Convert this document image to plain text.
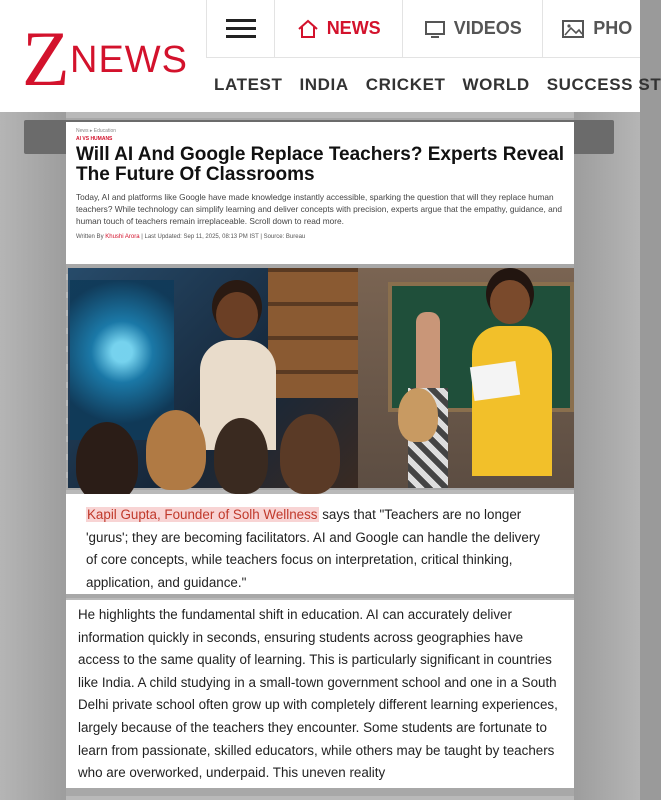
Z NEWS
NEWS	VIDEOS	PHO
LATEST INDIA CRICKET WORLD SUCCESS ST
News ▸ Education
AI VS HUMANS
Will AI And Google Replace Teachers? Experts Reveal The Future Of Classrooms
Today, AI and platforms like Google have made knowledge instantly accessible, sparking the question that will they replace human teachers? While technology can simplify learning and deliver concepts with precision, experts argue that the empathy, guidance, and human touch of teachers remain irreplaceable. Scroll down to read more.
Written By Khushi Arora | Last Updated: Sep 11, 2025, 08:13 PM IST | Source: Bureau
Kapil Gupta, Founder of Solh Wellness says that "Teachers are no longer 'gurus'; they are becoming facilitators. AI and Google can handle the delivery of core concepts, while teachers focus on interpretation, critical thinking, application, and guidance."
He highlights the fundamental shift in education. AI can accurately deliver information quickly in seconds, ensuring students across geographies have access to the same quality of learning. This is particularly significant in countries like India. A child studying in a small-town government school and one in a South Delhi private school often grow up with completely different learning experiences, largely because of the teachers they encounter. Some students are fortunate to learn from passionate, skilled educators, while others may be taught by teachers who are overworked, underpaid. This uneven reality
